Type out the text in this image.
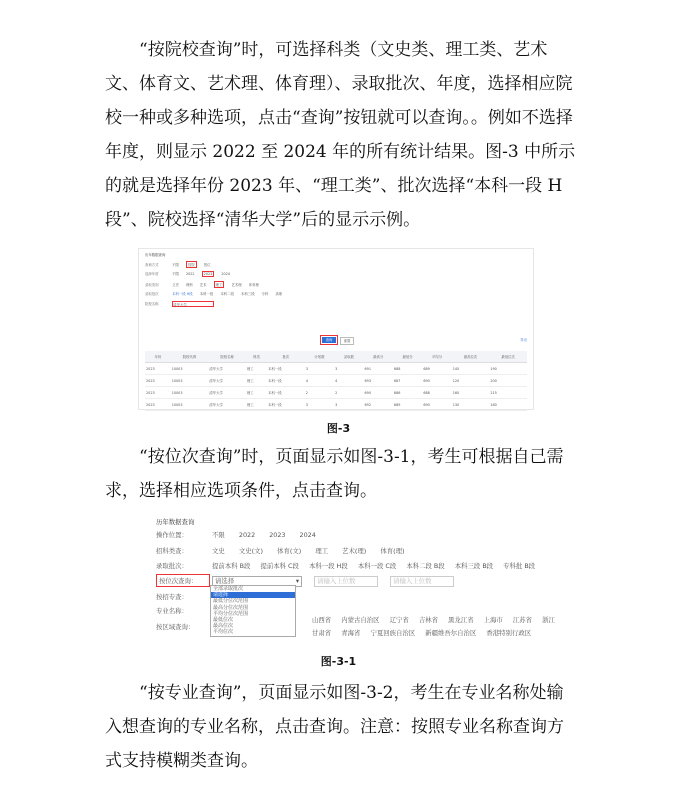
“按院校查询”时，可选择科类（文史类、理工类、艺术文、体育文、艺术理、体育理）、录取批次、年度，选择相应院校一种或多种选项，点击“查询”按钮就可以查询。。例如不选择年度，则显示 2022 至 2024 年的所有统计结果。图-3 中所示的就是选择年份 2023 年、“理工类”、批次选择“本科一段 H 段”、院校选择“清华大学”后的显示示例。

历年数据查询
查询方式	不限	按院	按位
选择年度	不限 2022	2023	2024
录取类别	文史 理科 艺术	理工	艺术理 体育理
录取批次	本科一段 H段 本科一段 本科二段 本科三段 专科 高职
院校名称	清华大学
查询	重置	导出
年份	院校代码	院校名称	科类	批次	计划数	录取数	最高分	最低分	平均分	最高位次	最低位次
2023	10003	清华大学	理工	本科一段	3	3	691	688	689	145	190
2023	10003	清华大学	理工	本科一段	4	4	693	687	690	120	200
2023	10003	清华大学	理工	本科一段	2	2	690	686	688	160	215
2023	10003	清华大学	理工	本科一段	3	3	692	689	690	130	180
图-3

“按位次查询”时，页面显示如图-3-1，考生可根据自己需求，选择相应选项条件，点击查询。

历年数据查询
操作位置：	不限 2022 2023 2024
招科类查：	文史 文史(文) 体育(文) 理工 艺术(理) 体育(理)
录取批次：	提前本科 B段 提前本科 C段 本科一段 H段 本科一段 C段 本科二段 B段 本科三段 B段 专科批 B段
按位次查询：	请选择	▾	请输入上位数	请输入上位数
按招专查：
专业名称：
按区域查询：
山西省 内蒙古自治区 辽宁省 吉林省 黑龙江省 上海市 江苏省 浙江
甘肃省 青海省 宁夏回族自治区 新疆维吾尔自治区 香港特别行政区
全部录取批次
请选择
最低分位次范围
最高分位次范围
平均分位次范围
最低位次
最高位次
平均位次
图-3-1

“按专业查询”，页面显示如图-3-2，考生在专业名称处输入想查询的专业名称，点击查询。注意：按照专业名称查询方式支持模糊类查询。
